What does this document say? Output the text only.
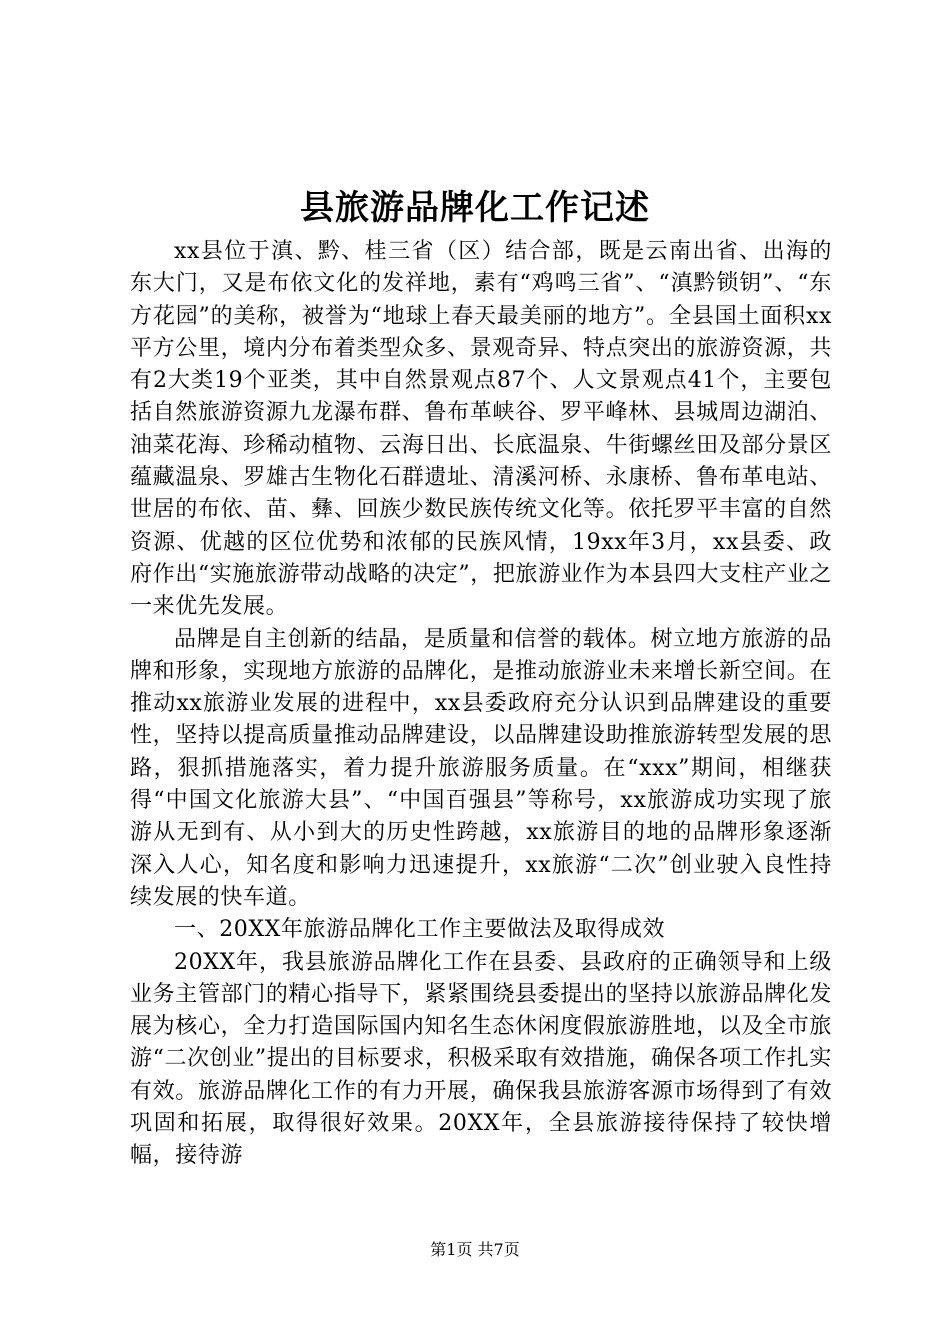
县旅游品牌化工作记述

xx县位于滇、黔、桂三省（区）结合部，既是云南出省、出海的东大门，又是布依文化的发祥地，素有“鸡鸣三省”、“滇黔锁钥”、“东方花园”的美称，被誉为“地球上春天最美丽的地方”。全县国土面积xx平方公里，境内分布着类型众多、景观奇异、特点突出的旅游资源，共有2大类19个亚类，其中自然景观点87个、人文景观点41个，主要包括自然旅游资源九龙瀑布群、鲁布革峡谷、罗平峰林、县城周边湖泊、油菜花海、珍稀动植物、云海日出、长底温泉、牛街螺丝田及部分景区蕴藏温泉、罗雄古生物化石群遗址、清溪河桥、永康桥、鲁布革电站、世居的布依、苗、彝、回族少数民族传统文化等。依托罗平丰富的自然资源、优越的区位优势和浓郁的民族风情，19xx年3月，xx县委、政府作出“实施旅游带动战略的决定”，把旅游业作为本县四大支柱产业之一来优先发展。

品牌是自主创新的结晶，是质量和信誉的载体。树立地方旅游的品牌和形象，实现地方旅游的品牌化，是推动旅游业未来增长新空间。在推动xx旅游业发展的进程中，xx县委政府充分认识到品牌建设的重要性，坚持以提高质量推动品牌建设，以品牌建设助推旅游转型发展的思路，狠抓措施落实，着力提升旅游服务质量。在“xxx”期间，相继获得“中国文化旅游大县”、“中国百强县”等称号，xx旅游成功实现了旅游从无到有、从小到大的历史性跨越，xx旅游目的地的品牌形象逐渐深入人心，知名度和影响力迅速提升，xx旅游“二次”创业驶入良性持续发展的快车道。

一、20XX年旅游品牌化工作主要做法及取得成效

20XX年，我县旅游品牌化工作在县委、县政府的正确领导和上级业务主管部门的精心指导下，紧紧围绕县委提出的坚持以旅游品牌化发展为核心，全力打造国际国内知名生态休闲度假旅游胜地，以及全市旅游“二次创业”提出的目标要求，积极采取有效措施，确保各项工作扎实有效。旅游品牌化工作的有力开展，确保我县旅游客源市场得到了有效巩固和拓展，取得很好效果。20XX年，全县旅游接待保持了较快增幅，接待游

第1页 共7页
